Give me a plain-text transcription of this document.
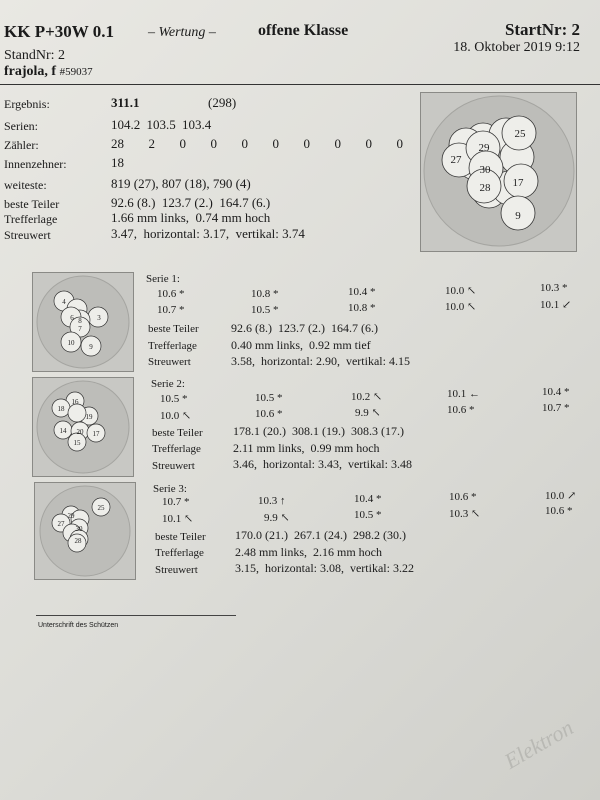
KK P+30W 0.1 – Wertung –	offene Klasse	StartNr: 2
StandNr: 2
18. Oktober 2019 9:12
frajola, f #59037
Ergebnis:	311.1	(298)
Serien:	104.2 103.5 103.4
Zähler:	28  2  0  0  0  0  0  0  0  0
Innenzehner:	18
weiteste:	819 (27), 807 (18), 790 (4)
beste Teiler	92.6 (8.)  123.7 (2.)  164.7 (6.)
Trefferlage	1.66 mm links,  0.74 mm hoch
Streuwert	3.47,  horizontal: 3.17,  vertikal: 3.74
25
29
27
30
28 17
9
4
3
8
6
7
10 9
Serie 1:
10.6 *	10.8 *	10.4 *	10.0 ↖	10.3 *
10.7 *	10.5 *	10.8 *	10.0 ↖	10.1 ↙
beste Teiler	92.6 (8.)  123.7 (2.)  164.7 (6.)
Trefferlage	0.40 mm links,  0.92 mm tief
Streuwert	3.58,  horizontal: 2.90,  vertikal: 4.15
16
18
19
14 20 17
15
Serie 2:
10.5 *	10.5 *	10.2 ↖	10.1 ←	10.4 *
10.0 ↖	10.6 *	9.9 ↖	10.6 *	10.7 *
beste Teiler	178.1 (20.)  308.1 (19.)  308.3 (17.)
Trefferlage	2.11 mm links,  0.99 mm hoch
Streuwert	3.46,  horizontal: 3.43,  vertikal: 3.48
29
25
27
30
28
Serie 3:
10.7 *	10.3 ↑	10.4 *	10.6 *	10.0 ↗
10.1 ↖	9.9 ↖	10.5 *	10.3 ↖	10.6 *
beste Teiler 170.0 (21.)  267.1 (24.)  298.2 (30.)
Trefferlage	2.48 mm links,  2.16 mm hoch
Streuwert	3.15,  horizontal: 3.08,  vertikal: 3.22
Unterschrift des Schützen
Elektron
